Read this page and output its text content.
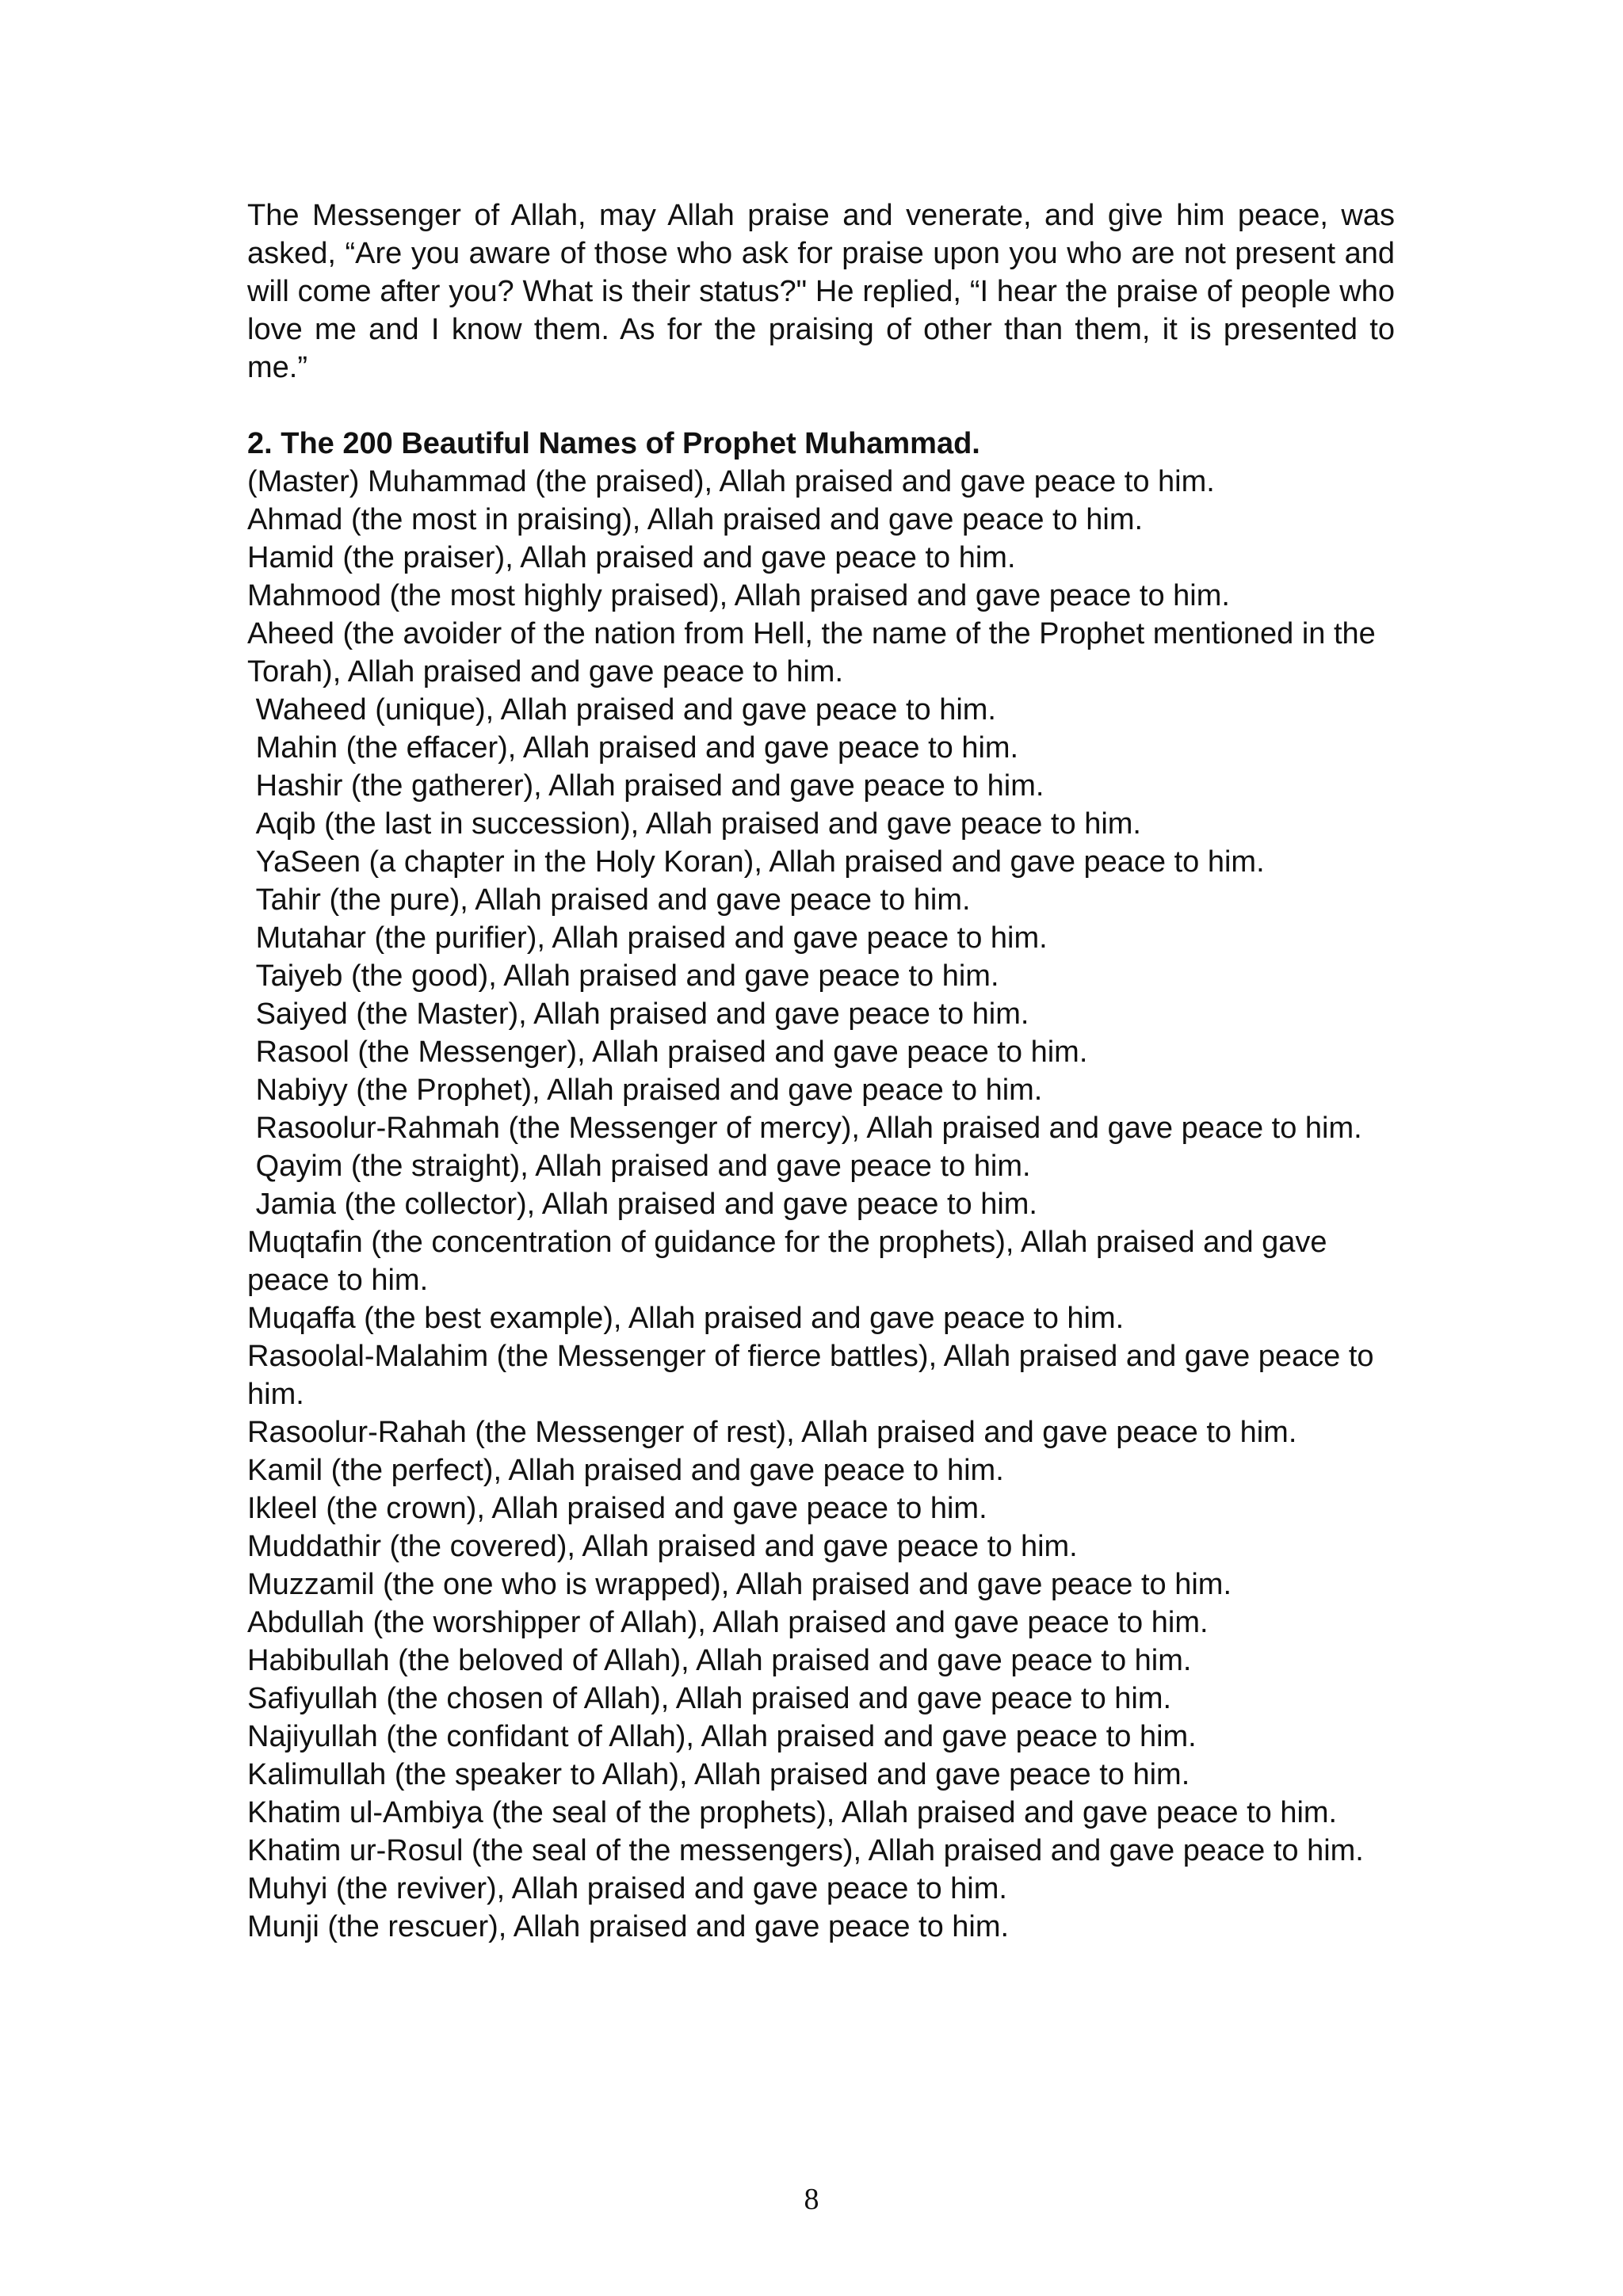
The Messenger of Allah, may Allah praise and venerate, and give him peace, was asked, “Are you aware of those who ask for praise upon you who are not present and will come after you? What is their status?" He replied, “I hear the praise of people who love me and I know them. As for the praising of other than them, it is presented to me.”

2. The 200 Beautiful Names of Prophet Muhammad.
(Master) Muhammad (the praised), Allah praised and gave peace to him.
Ahmad (the most in praising), Allah praised and gave peace to him.
Hamid (the praiser), Allah praised and gave peace to him.
Mahmood (the most highly praised), Allah praised and gave peace to him.
Aheed (the avoider of the nation from Hell, the name of the Prophet mentioned in the Torah), Allah praised and gave peace to him.
Waheed (unique), Allah praised and gave peace to him.
Mahin (the effacer), Allah praised and gave peace to him.
Hashir (the gatherer), Allah praised and gave peace to him.
Aqib (the last in succession), Allah praised and gave peace to him.
YaSeen (a chapter in the Holy Koran), Allah praised and gave peace to him.
Tahir (the pure), Allah praised and gave peace to him.
Mutahar (the purifier), Allah praised and gave peace to him.
Taiyeb (the good), Allah praised and gave peace to him.
Saiyed (the Master), Allah praised and gave peace to him.
Rasool (the Messenger), Allah praised and gave peace to him.
Nabiyy (the Prophet), Allah praised and gave peace to him.
Rasoolur-Rahmah (the Messenger of mercy), Allah praised and gave peace to him.
Qayim (the straight), Allah praised and gave peace to him.
Jamia (the collector), Allah praised and gave peace to him.
Muqtafin (the concentration of guidance for the prophets), Allah praised and gave peace to him.
Muqaffa (the best example), Allah praised and gave peace to him.
Rasoolal-Malahim (the Messenger of fierce battles), Allah praised and gave peace to him.
Rasoolur-Rahah (the Messenger of rest), Allah praised and gave peace to him.
Kamil (the perfect), Allah praised and gave peace to him.
Ikleel (the crown), Allah praised and gave peace to him.
Muddathir (the covered), Allah praised and gave peace to him.
Muzzamil (the one who is wrapped), Allah praised and gave peace to him.
Abdullah (the worshipper of Allah), Allah praised and gave peace to him.
Habibullah (the beloved of Allah), Allah praised and gave peace to him.
Safiyullah (the chosen of Allah), Allah praised and gave peace to him.
Najiyullah (the confidant of Allah), Allah praised and gave peace to him.
Kalimullah (the speaker to Allah), Allah praised and gave peace to him.
Khatim ul-Ambiya (the seal of the prophets), Allah praised and gave peace to him.
Khatim ur-Rosul (the seal of the messengers), Allah praised and gave peace to him.
Muhyi (the reviver), Allah praised and gave peace to him.
Munji (the rescuer), Allah praised and gave peace to him.
8
